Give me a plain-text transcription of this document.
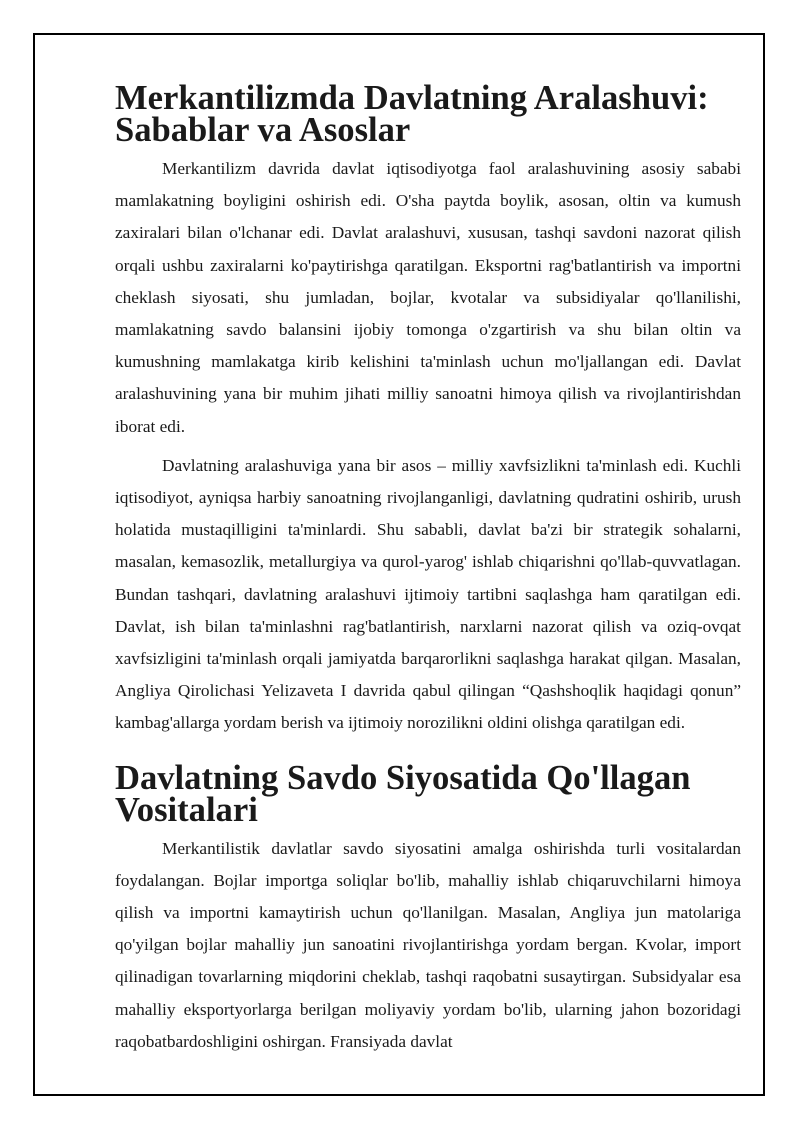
Merkantilizmda Davlatning Aralashuvi: Sabablar va Asoslar

Merkantilizm davrida davlat iqtisodiyotga faol aralashuvining asosiy sababi mamlakatning boyligini oshirish edi. O'sha paytda boylik, asosan, oltin va kumush zaxiralari bilan o'lchanar edi. Davlat aralashuvi, xususan, tashqi savdoni nazorat qilish orqali ushbu zaxiralarni ko'paytirishga qaratilgan. Eksportni rag'batlantirish va importni cheklash siyosati, shu jumladan, bojlar, kvotalar va subsidiyalar qo'llanilishi, mamlakatning savdo balansini ijobiy tomonga o'zgartirish va shu bilan oltin va kumushning mamlakatga kirib kelishini ta'minlash uchun mo'ljallangan edi. Davlat aralashuvining yana bir muhim jihati milliy sanoatni himoya qilish va rivojlantirishdan iborat edi.

Davlatning aralashuviga yana bir asos – milliy xavfsizlikni ta'minlash edi. Kuchli iqtisodiyot, ayniqsa harbiy sanoatning rivojlanganligi, davlatning qudratini oshirib, urush holatida mustaqilligini ta'minlardi. Shu sababli, davlat ba'zi bir strategik sohalarni, masalan, kemasozlik, metallurgiya va qurol-yarog' ishlab chiqarishni qo'llab-quvvatlagan. Bundan tashqari, davlatning aralashuvi ijtimoiy tartibni saqlashga ham qaratilgan edi. Davlat, ish bilan ta'minlashni rag'batlantirish, narxlarni nazorat qilish va oziq-ovqat xavfsizligini ta'minlash orqali jamiyatda barqarorlikni saqlashga harakat qilgan. Masalan, Angliya Qirolichasi Yelizaveta I davrida qabul qilingan “Qashshoqlik haqidagi qonun” kambag'allarga yordam berish va ijtimoiy norozilikni oldini olishga qaratilgan edi.

Davlatning Savdo Siyosatida Qo'llagan Vositalari

Merkantilistik davlatlar savdo siyosatini amalga oshirishda turli vositalardan foydalangan. Bojlar importga soliqlar bo'lib, mahalliy ishlab chiqaruvchilarni himoya qilish va importni kamaytirish uchun qo'llanilgan. Masalan, Angliya jun matolariga qo'yilgan bojlar mahalliy jun sanoatini rivojlantirishga yordam bergan. Kvolar, import qilinadigan tovarlarning miqdorini cheklab, tashqi raqobatni susaytirgan. Subsidyalar esa mahalliy eksportyorlarga berilgan moliyaviy yordam bo'lib, ularning jahon bozoridagi raqobatbardoshligini oshirgan. Fransiyada davlat
